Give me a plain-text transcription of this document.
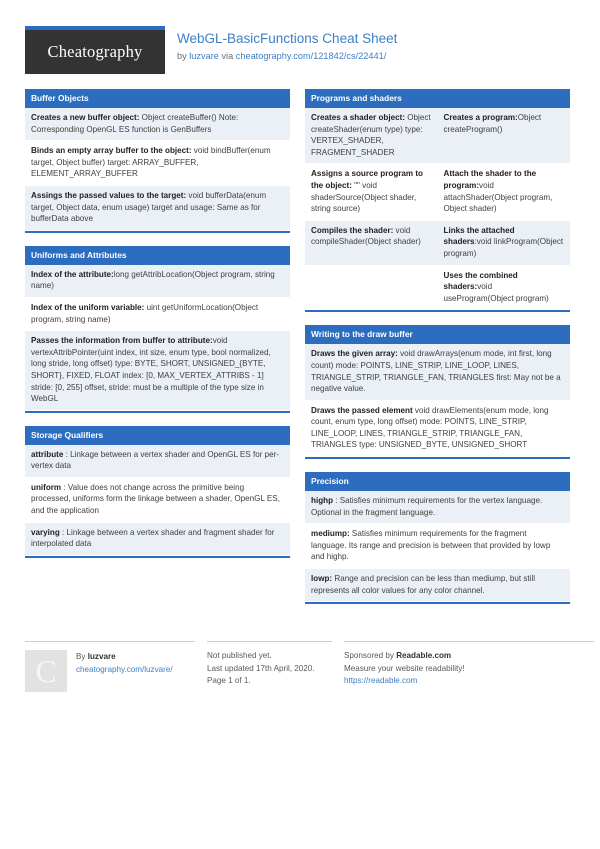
Cheatography
WebGL-BasicFunctions Cheat Sheet
by luzvare via cheatography.com/121842/cs/22441/
Buffer Objects
Creates a new buffer object: Object createBuffer() Note: Corresponding OpenGL ES function is GenBuffers
Binds an empty array buffer to the object: void bindBuffer(enum target, Object buffer) target: ARRAY_BUFFER, ELEMENT_ARRAY_BUFFER
Assings the passed values to the target: void bufferData(enum target, Object data, enum usage) target and usage: Same as for bufferData above
Uniforms and Attributes
Index of the attribute:long getAttribLocation(Object program, string name)
Index of the uniform variable: uint getUniformLocation(Object program, string name)
Passes the information from buffer to attribute:void vertexAttribPointer(uint index, int size, enum type, bool normalized, long stride, long offset) type: BYTE, SHORT, UNSIGNED_{BYTE, SHORT}, FIXED, FLOAT index: [0, MAX_VERTEX_ATTRIBS - 1] stride: [0, 255] offset, stride: must be a multiple of the type size in WebGL
Storage Qualifiers
attribute : Linkage between a vertex shader and OpenGL ES for per-vertex data
uniform : Value does not change across the primitive being processed, uniforms form the linkage between a shader, OpenGL ES, and the application
varying : Linkage between a vertex shader and fragment shader for interpolated data
Programs and shaders
Creates a shader object: Object createShader(enum type) type: VERTEX_SHADER, FRAGMENT_SHADER
Creates a program:Object createProgram()
Assigns a source program to the object: "" void shaderSource(Object shader, string source)
Attach the shader to the program:void attachShader(Object program, Object shader)
Compiles the shader: void compileShader(Object shader)
Links the attached shaders:void linkProgram(Object program)
Uses the combined shaders:void useProgram(Object program)
Writing to the draw buffer
Draws the given array: void drawArrays(enum mode, int first, long count) mode: POINTS, LINE_STRIP, LINE_LOOP, LINES, TRIANGLE_STRIP, TRIANGLE_FAN, TRIANGLES first: May not be a negative value.
Draws the passed element void drawElements(enum mode, long count, enum type, long offset) mode: POINTS, LINE_STRIP, LINE_LOOP, LINES, TRIANGLE_STRIP, TRIANGLE_FAN, TRIANGLES type: UNSIGNED_BYTE, UNSIGNED_SHORT
Precision
highp : Satisfies minimum requirements for the vertex language. Optional in the fragment language.
mediump: Satisfies minimum requirements for the fragment language. Its range and precision is between that provided by lowp and highp.
lowp: Range and precision can be less than mediump, but still represents all color values for any color channel.
C	By luzvare
cheatography.com/luzvare/
Not published yet.
Last updated 17th April, 2020.
Page 1 of 1.
Sponsored by Readable.com
Measure your website readability!
https://readable.com
